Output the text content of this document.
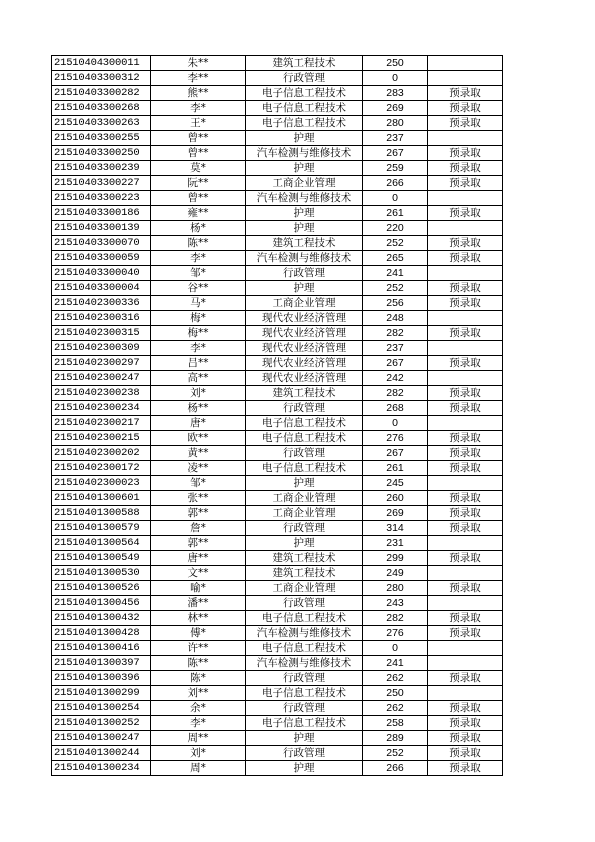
21510404300011	朱**	建筑工程技术	250	
21510403300312	李**	行政管理	0	
21510403300282	熊**	电子信息工程技术	283	预录取
21510403300268	李*	电子信息工程技术	269	预录取
21510403300263	王*	电子信息工程技术	280	预录取
21510403300255	曾**	护理	237	
21510403300250	曾**	汽车检测与维修技术	267	预录取
21510403300239	莫*	护理	259	预录取
21510403300227	阮**	工商企业管理	266	预录取
21510403300223	曾**	汽车检测与维修技术	0	
21510403300186	雍**	护理	261	预录取
21510403300139	杨*	护理	220	
21510403300070	陈**	建筑工程技术	252	预录取
21510403300059	李*	汽车检测与维修技术	265	预录取
21510403300040	邹*	行政管理	241	
21510403300004	谷**	护理	252	预录取
21510402300336	马*	工商企业管理	256	预录取
21510402300316	梅*	现代农业经济管理	248	
21510402300315	梅**	现代农业经济管理	282	预录取
21510402300309	李*	现代农业经济管理	237	
21510402300297	吕**	现代农业经济管理	267	预录取
21510402300247	高**	现代农业经济管理	242	
21510402300238	刘*	建筑工程技术	282	预录取
21510402300234	杨**	行政管理	268	预录取
21510402300217	唐*	电子信息工程技术	0	
21510402300215	欧**	电子信息工程技术	276	预录取
21510402300202	黄**	行政管理	267	预录取
21510402300172	凌**	电子信息工程技术	261	预录取
21510402300023	邹*	护理	245	
21510401300601	张**	工商企业管理	260	预录取
21510401300588	郭**	工商企业管理	269	预录取
21510401300579	詹*	行政管理	314	预录取
21510401300564	郭**	护理	231	
21510401300549	唐**	建筑工程技术	299	预录取
21510401300530	文**	建筑工程技术	249	
21510401300526	喻*	工商企业管理	280	预录取
21510401300456	潘**	行政管理	243	
21510401300432	林**	电子信息工程技术	282	预录取
21510401300428	傅*	汽车检测与维修技术	276	预录取
21510401300416	许**	电子信息工程技术	0	
21510401300397	陈**	汽车检测与维修技术	241	
21510401300396	陈*	行政管理	262	预录取
21510401300299	刘**	电子信息工程技术	250	
21510401300254	余*	行政管理	262	预录取
21510401300252	李*	电子信息工程技术	258	预录取
21510401300247	周**	护理	289	预录取
21510401300244	刘*	行政管理	252	预录取
21510401300234	周*	护理	266	预录取
